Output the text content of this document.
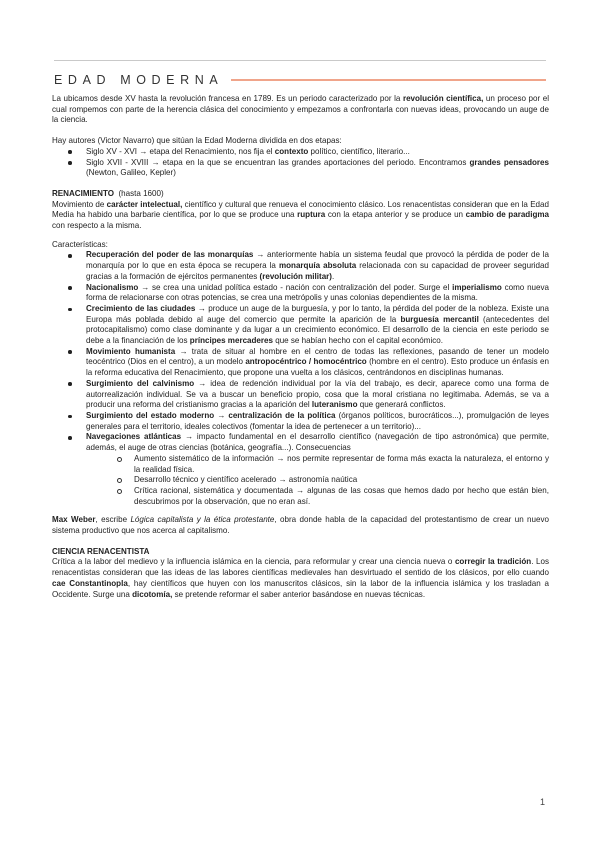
EDAD MODERNA

La ubicamos desde XV hasta la revolución francesa en 1789. Es un periodo caracterizado por la revolución científica, un proceso por el cual rompemos con parte de la herencia clásica del conocimiento y empezamos a confrontarla con nuevas ideas, provocando un auge de la ciencia.

Hay autores (Victor Navarro) que sitúan la Edad Moderna dividida en dos etapas:

Siglo XV - XVI → etapa del Renacimiento, nos fija el contexto político, científico, literario...
Siglo XVII - XVIII → etapa en la que se encuentran las grandes aportaciones del periodo. Encontramos grandes pensadores (Newton, Galileo, Kepler)

RENACIMIENTO (hasta 1600)

Movimiento de carácter intelectual, científico y cultural que renueva el conocimiento clásico. Los renacentistas consideran que en la Edad Media ha habido una barbarie científica, por lo que se produce una ruptura con la etapa anterior y se produce un cambio de paradigma con respecto a la misma.

Características:

Recuperación del poder de las monarquías → anteriormente había un sistema feudal que provocó la pérdida de poder de la monarquía por lo que en esta época se recupera la monarquía absoluta relacionada con su capacidad de proveer seguridad gracias a la formación de ejércitos permanentes (revolución militar).
Nacionalismo → se crea una unidad política estado - nación con centralización del poder. Surge el imperialismo como nueva forma de relacionarse con otras potencias, se crea una metrópolis y unas colonias dependientes de la misma.
Crecimiento de las ciudades → produce un auge de la burguesía, y por lo tanto, la pérdida del poder de la nobleza. Existe una Europa más poblada debido al auge del comercio que permite la aparición de la burguesía mercantil (antecedentes del protocapitalismo) como clase dominante y da lugar a un crecimiento económico. El desarrollo de la ciencia en este periodo se debe a la financiación de los príncipes mercaderes que se habían hecho con el capital económico.
Movimiento humanista → trata de situar al hombre en el centro de todas las reflexiones, pasando de tener un modelo teocéntrico (Dios en el centro), a un modelo antropocéntrico / homocéntrico (hombre en el centro). Esto produce un énfasis en la reforma educativa del Renacimiento, que propone una vuelta a los clásicos, centrándonos en disciplinas humanas.
Surgimiento del calvinismo → idea de redención individual por la vía del trabajo, es decir, aparece como una forma de autorrealización individual. Se va a buscar un beneficio propio, cosa que la moral cristiana no legitimaba. Además, se va a producir una reforma del cristianismo gracias a la aparición del luteranismo que generará conflictos.
Surgimiento del estado moderno → centralización de la política (órganos políticos, burocráticos...), promulgación de leyes generales para el territorio, ideales colectivos (fomentar la idea de pertenecer a un territorio)...
Navegaciones atlánticas → impacto fundamental en el desarrollo científico (navegación de tipo astronómica) que permite, además, el auge de otras ciencias (botánica, geografía...). Consecuencias
Aumento sistemático de la información → nos permite representar de forma más exacta la naturaleza, el entorno y la realidad física.
Desarrollo técnico y científico acelerado → astronomía naútica
Crítica racional, sistemática y documentada → algunas de las cosas que hemos dado por hecho que están bien, descubrimos por la observación, que no eran así.

Max Weber, escribe Lógica capitalista y la ética protestante, obra donde habla de la capacidad del protestantismo de crear un nuevo sistema productivo que nos acerca al capitalismo.

CIENCIA RENACENTISTA

Crítica a la labor del medievo y la influencia islámica en la ciencia, para reformular y crear una ciencia nueva o corregir la tradición. Los renacentistas consideran que las ideas de las labores científicas medievales han desvirtuado el sentido de los clásicos, por ello cuando cae Constantinopla, hay científicos que huyen con los manuscritos clásicos, sin la labor de la influencia islámica y los trasladan a Occidente. Surge una dicotomía, se pretende reformar el saber anterior basándose en nuevas técnicas.

1
